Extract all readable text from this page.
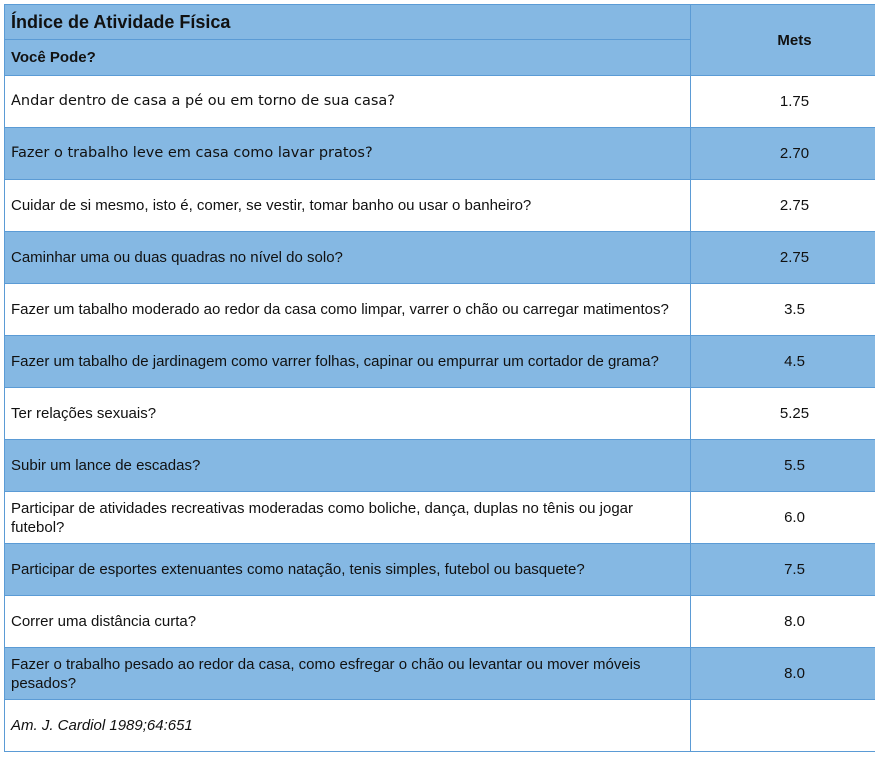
Índice de Atividade Física	Mets
Você Pode?	
Andar dentro de casa a pé ou em torno de sua casa?	1.75
Fazer o trabalho leve em casa como lavar pratos?	2.70
Cuidar de si mesmo, isto é, comer, se vestir, tomar banho ou usar o banheiro?	2.75
Caminhar uma ou duas quadras no nível do solo?	2.75
Fazer um tabalho moderado ao redor da casa como limpar, varrer o chão ou carregar matimentos?	3.5
Fazer um tabalho de jardinagem como varrer folhas, capinar ou empurrar um cortador de grama?	4.5
Ter relações sexuais?	5.25
Subir um lance de escadas?	5.5
Participar de atividades recreativas moderadas como boliche, dança, duplas no tênis ou jogar futebol?	6.0
Participar de esportes extenuantes como natação, tenis simples, futebol ou basquete?	7.5
Correr uma distância curta?	8.0
Fazer o trabalho pesado ao redor da casa, como esfregar o chão ou levantar ou mover móveis pesados?	8.0
Am. J. Cardiol 1989;64:651	
